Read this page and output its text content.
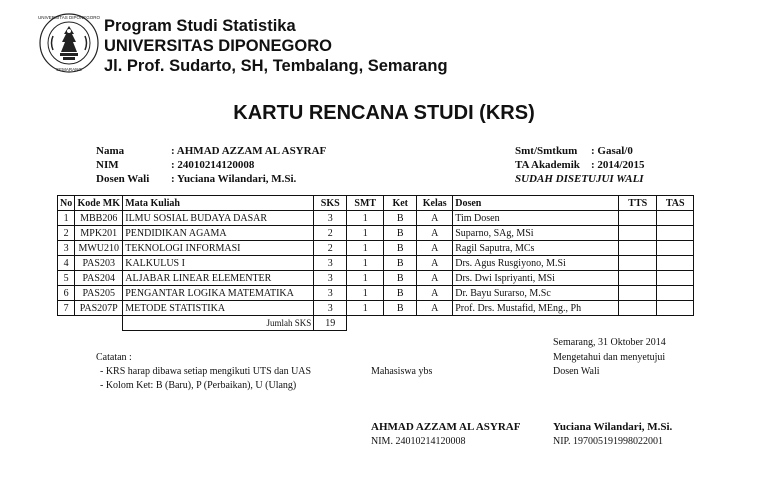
UNIVERSITAS DIPONEGORO
SEMARANG
Program Studi Statistika
UNIVERSITAS DIPONEGORO
Jl. Prof. Sudarto, SH, Tembalang, Semarang
KARTU RENCANA STUDI (KRS)
Nama	: AHMAD AZZAM AL ASYRAF
NIM	: 24010214120008
Dosen Wali : Yuciana Wilandari, M.Si.
Smt/Smtkum : Gasal/0
TA Akademik : 2014/2015
SUDAH DISETUJUI WALI
No	Kode MK	Mata Kuliah	SKS	SMT	Ket	Kelas	Dosen	TTS	TAS
1	MBB206	ILMU SOSIAL BUDAYA DASAR	3	1	B	A	Tim Dosen		
2	MPK201	PENDIDIKAN AGAMA	2	1	B	A	Suparno, SAg, MSi		
3	MWU210	TEKNOLOGI INFORMASI	2	1	B	A	Ragil Saputra, MCs		
4	PAS203	KALKULUS I	3	1	B	A	Drs. Agus Rusgiyono, M.Si		
5	PAS204	ALJABAR LINEAR ELEMENTER	3	1	B	A	Drs. Dwi Ispriyanti, MSi		
6	PAS205	PENGANTAR LOGIKA MATEMATIKA	3	1	B	A	Dr. Bayu Surarso, M.Sc		
7	PAS207P	METODE STATISTIKA	3	1	B	A	Prof. Drs. Mustafid, MEng., Ph		
		Jumlah SKS	19						
Semarang, 31 Oktober 2014
Mengetahui dan menyetujui
Dosen Wali
Mahasiswa ybs
Catatan :
- KRS harap dibawa setiap mengikuti UTS dan UAS
- Kolom Ket: B (Baru), P (Perbaikan), U (Ulang)
AHMAD AZZAM AL ASYRAF
NIM. 24010214120008
Yuciana Wilandari, M.Si.
NIP. 197005191998022001
